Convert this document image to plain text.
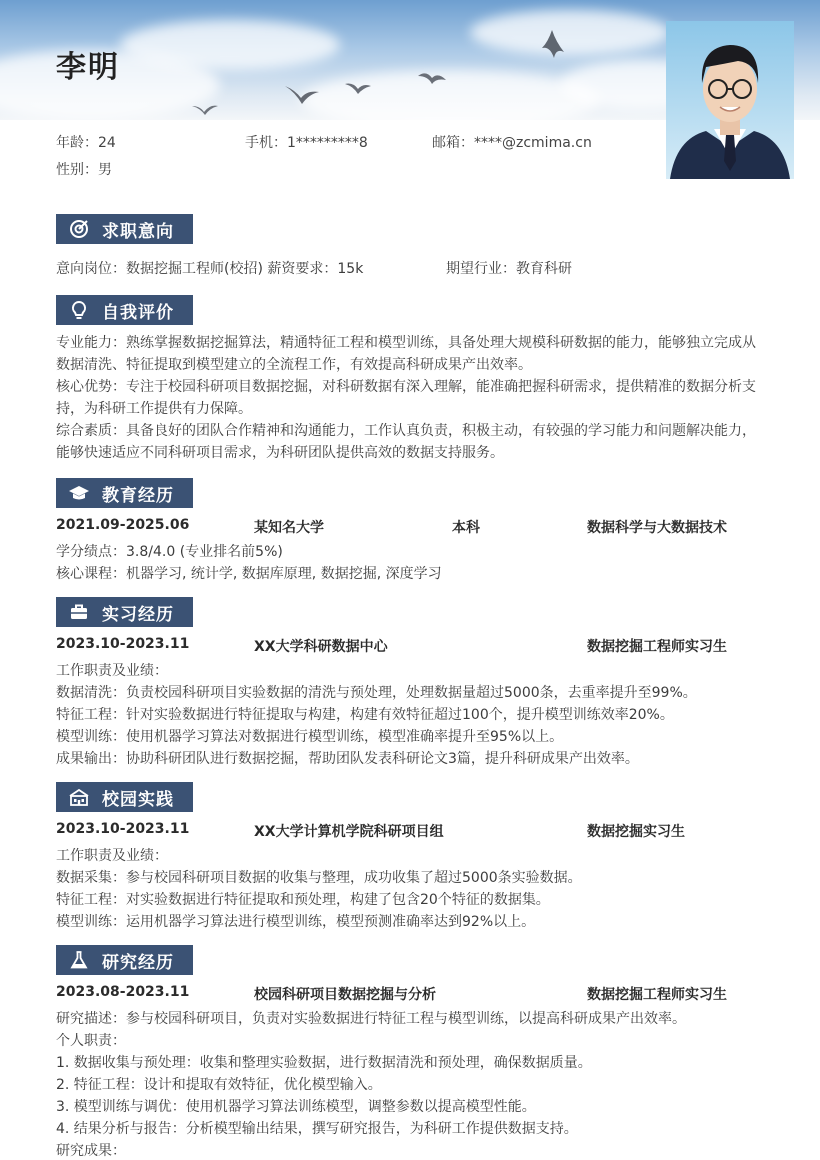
李明
年龄：24	手机：1*********8	邮箱：****@zcmima.cn
性别：男
求职意向
意向岗位：数据挖掘工程师(校招) 薪资要求：15k	期望行业：教育科研
自我评价
专业能力：熟练掌握数据挖掘算法，精通特征工程和模型训练，具备处理大规模科研数据的能力，能够独立完成从数据清洗、特征提取到模型建立的全流程工作，有效提高科研成果产出效率。
核心优势：专注于校园科研项目数据挖掘，对科研数据有深入理解，能准确把握科研需求，提供精准的数据分析支持，为科研工作提供有力保障。
综合素质：具备良好的团队合作精神和沟通能力，工作认真负责，积极主动，有较强的学习能力和问题解决能力，能够快速适应不同科研项目需求，为科研团队提供高效的数据支持服务。
教育经历
2021.09-2025.06	某知名大学	本科	数据科学与大数据技术
学分绩点：3.8/4.0 (专业排名前5%)
核心课程：机器学习, 统计学, 数据库原理, 数据挖掘, 深度学习
实习经历
2023.10-2023.11	XX大学科研数据中心	数据挖掘工程师实习生
工作职责及业绩：
数据清洗：负责校园科研项目实验数据的清洗与预处理，处理数据量超过5000条，去重率提升至99%。
特征工程：针对实验数据进行特征提取与构建，构建有效特征超过100个，提升模型训练效率20%。
模型训练：使用机器学习算法对数据进行模型训练，模型准确率提升至95%以上。
成果输出：协助科研团队进行数据挖掘，帮助团队发表科研论文3篇，提升科研成果产出效率。
校园实践
2023.10-2023.11	XX大学计算机学院科研项目组	数据挖掘实习生
工作职责及业绩：
数据采集：参与校园科研项目数据的收集与整理，成功收集了超过5000条实验数据。
特征工程：对实验数据进行特征提取和预处理，构建了包含20个特征的数据集。
模型训练：运用机器学习算法进行模型训练，模型预测准确率达到92%以上。
研究经历
2023.08-2023.11	校园科研项目数据挖掘与分析	数据挖掘工程师实习生
研究描述：参与校园科研项目，负责对实验数据进行特征工程与模型训练，以提高科研成果产出效率。
个人职责：
1. 数据收集与预处理：收集和整理实验数据，进行数据清洗和预处理，确保数据质量。
2. 特征工程：设计和提取有效特征，优化模型输入。
3. 模型训练与调优：使用机器学习算法训练模型，调整参数以提高模型性能。
4. 结果分析与报告：分析模型输出结果，撰写研究报告，为科研工作提供数据支持。
研究成果：
